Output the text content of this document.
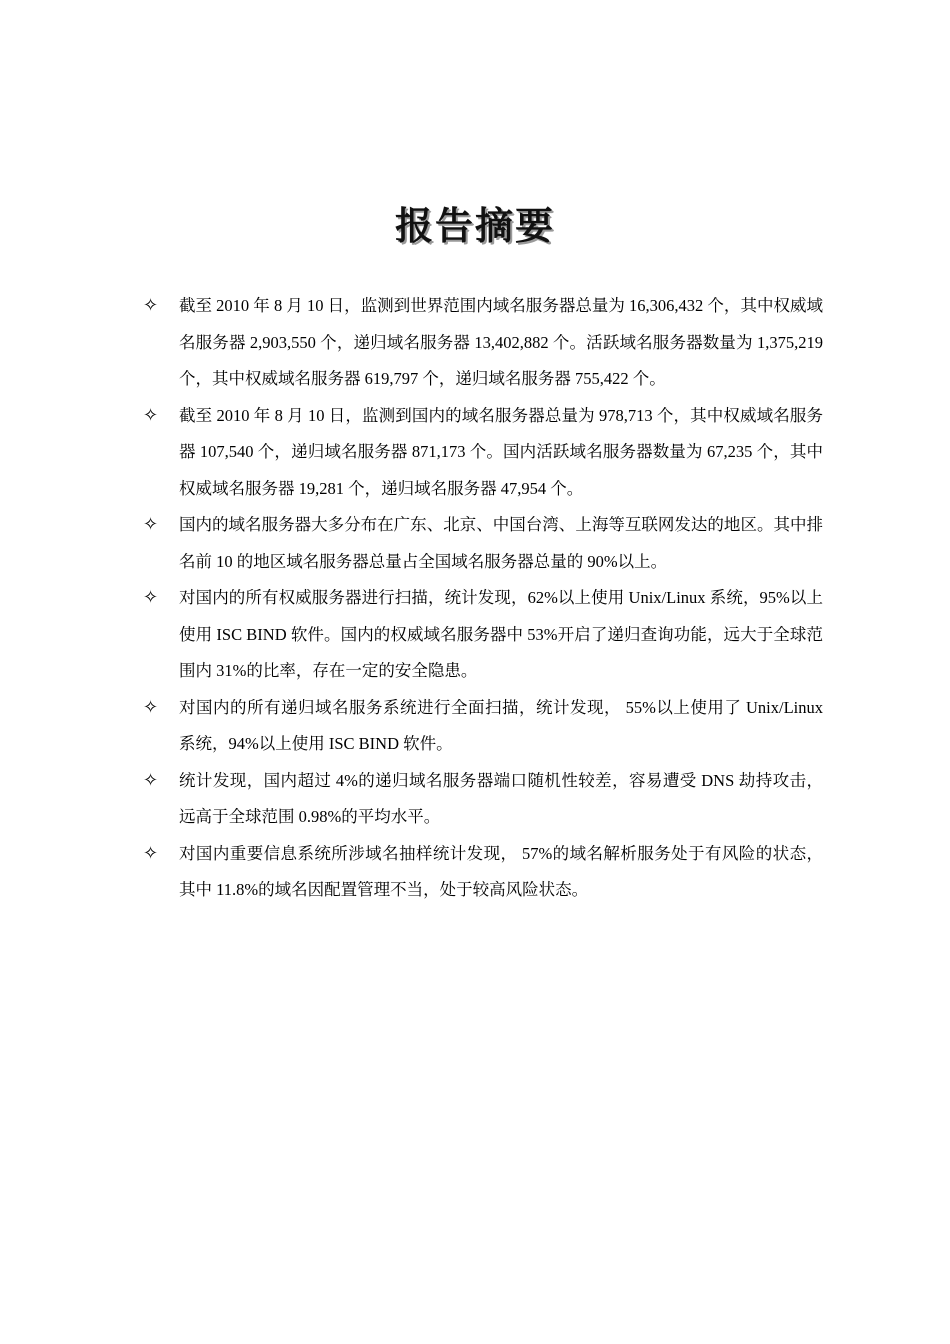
报告摘要
✧	截至 2010 年 8 月 10 日，监测到世界范围内域名服务器总量为 16,306,432 个，其中权威域名服务器 2,903,550 个，递归域名服务器 13,402,882 个。活跃域名服务器数量为 1,375,219 个，其中权威域名服务器 619,797 个，递归域名服务器 755,422 个。
✧	截至 2010 年 8 月 10 日，监测到国内的域名服务器总量为 978,713 个，其中权威域名服务器 107,540 个，递归域名服务器 871,173 个。国内活跃域名服务器数量为 67,235 个，其中权威域名服务器 19,281 个，递归域名服务器 47,954 个。
✧	国内的域名服务器大多分布在广东、北京、中国台湾、上海等互联网发达的地区。其中排名前 10 的地区域名服务器总量占全国域名服务器总量的 90%以上。
✧	对国内的所有权威服务器进行扫描，统计发现，62%以上使用 Unix/Linux 系统，95%以上使用 ISC BIND 软件。国内的权威域名服务器中 53%开启了递归查询功能，远大于全球范围内 31%的比率，存在一定的安全隐患。
✧	对国内的所有递归域名服务系统进行全面扫描，统计发现， 55%以上使用了 Unix/Linux 系统，94%以上使用 ISC BIND 软件。
✧	统计发现，国内超过 4%的递归域名服务器端口随机性较差，容易遭受 DNS 劫持攻击，远高于全球范围 0.98%的平均水平。
✧	对国内重要信息系统所涉域名抽样统计发现， 57%的域名解析服务处于有风险的状态，其中 11.8%的域名因配置管理不当，处于较高风险状态。
